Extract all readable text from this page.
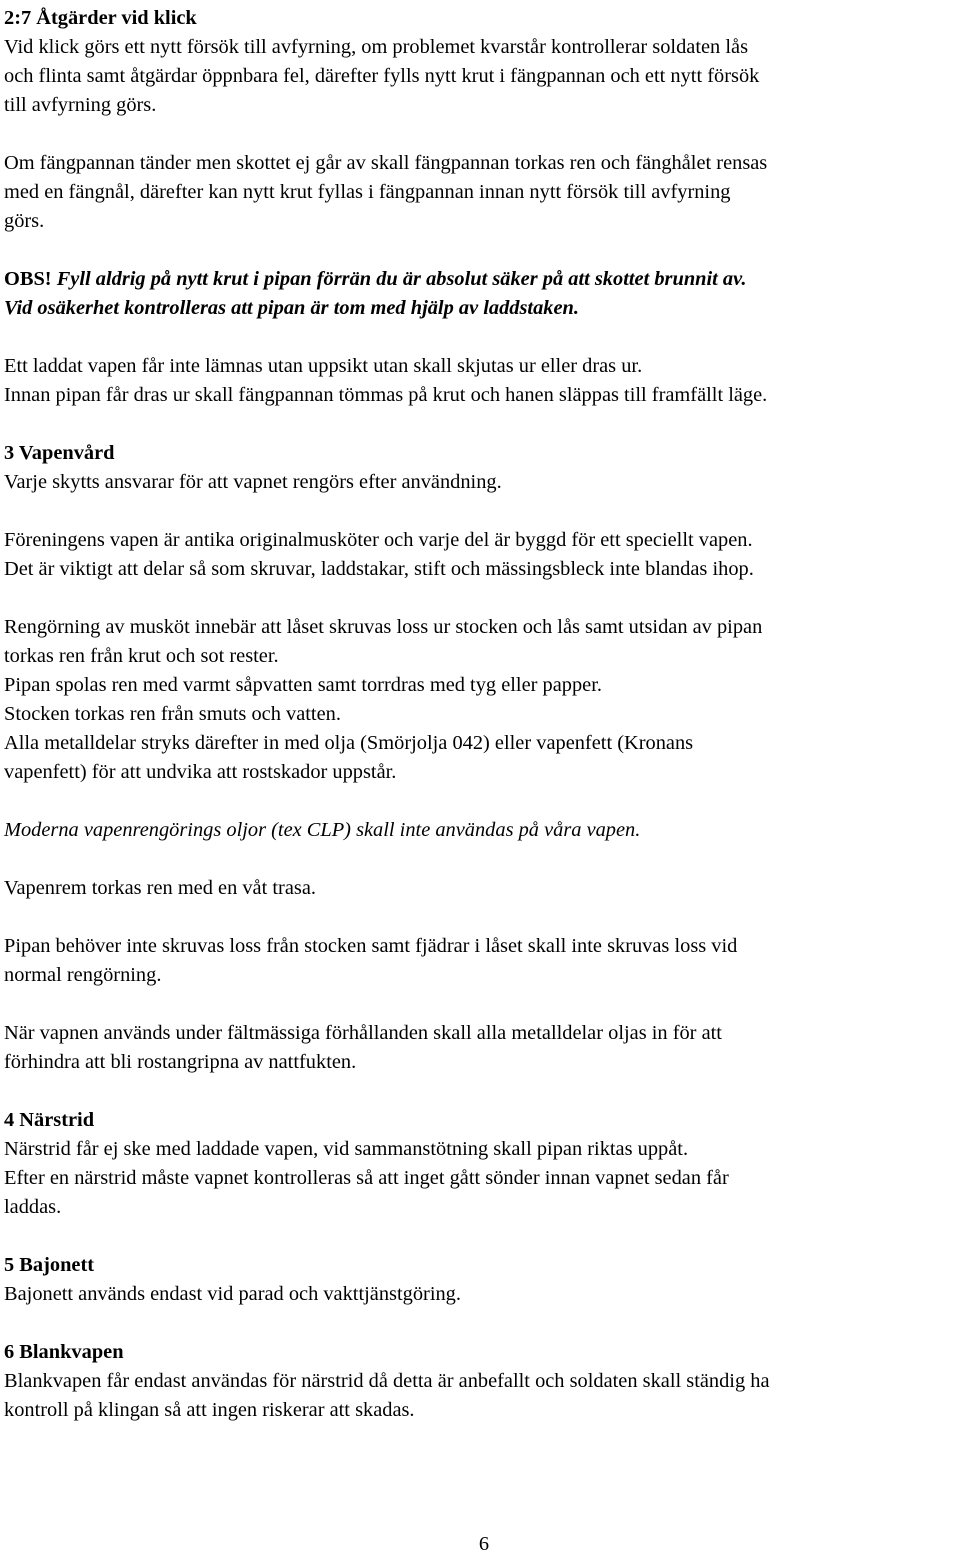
2:7 Åtgärder vid klick
Vid klick görs ett nytt försök till avfyrning, om problemet kvarstår kontrollerar soldaten lås
och flinta samt åtgärdar öppnbara fel, därefter fylls nytt krut i fängpannan och ett nytt försök
till avfyrning görs.
Om fängpannan tänder men skottet ej går av skall fängpannan torkas ren och fänghålet rensas
med en fängnål, därefter kan nytt krut fyllas i fängpannan innan nytt försök till avfyrning
görs.
OBS! Fyll aldrig på nytt krut i pipan förrän du är absolut säker på att skottet brunnit av.
Vid osäkerhet kontrolleras att pipan är tom med hjälp av laddstaken.
Ett laddat vapen får inte lämnas utan uppsikt utan skall skjutas ur eller dras ur.
Innan pipan får dras ur skall fängpannan tömmas på krut och hanen släppas till framfällt läge.
3 Vapenvård
Varje skytts ansvarar för att vapnet rengörs efter användning.
Föreningens vapen är antika originalmusköter och varje del är byggd för ett speciellt vapen.
Det är viktigt att delar så som skruvar, laddstakar, stift och mässingsbleck inte blandas ihop.
Rengörning av musköt innebär att låset skruvas loss ur stocken och lås samt utsidan av pipan
torkas ren från krut och sot rester.
Pipan spolas ren med varmt såpvatten samt torrdras med tyg eller papper.
Stocken torkas ren från smuts och vatten.
Alla metalldelar stryks därefter in med olja (Smörjolja 042) eller vapenfett (Kronans
vapenfett) för att undvika att rostskador uppstår.
Moderna vapenrengörings oljor (tex CLP) skall inte användas på våra vapen.
Vapenrem torkas ren med en våt trasa.
Pipan behöver inte skruvas loss från stocken samt fjädrar i låset skall inte skruvas loss vid
normal rengörning.
När vapnen används under fältmässiga förhållanden skall alla metalldelar oljas in för att
förhindra att bli rostangripna av nattfukten.
4 Närstrid
Närstrid får ej ske med laddade vapen, vid sammanstötning skall pipan riktas uppåt.
Efter en närstrid måste vapnet kontrolleras så att inget gått sönder innan vapnet sedan får
laddas.
5 Bajonett
Bajonett används endast vid parad och vakttjänstgöring.
6 Blankvapen
Blankvapen får endast användas för närstrid då detta är anbefallt och soldaten skall ständig ha
kontroll på klingan så att ingen riskerar att skadas.
6
